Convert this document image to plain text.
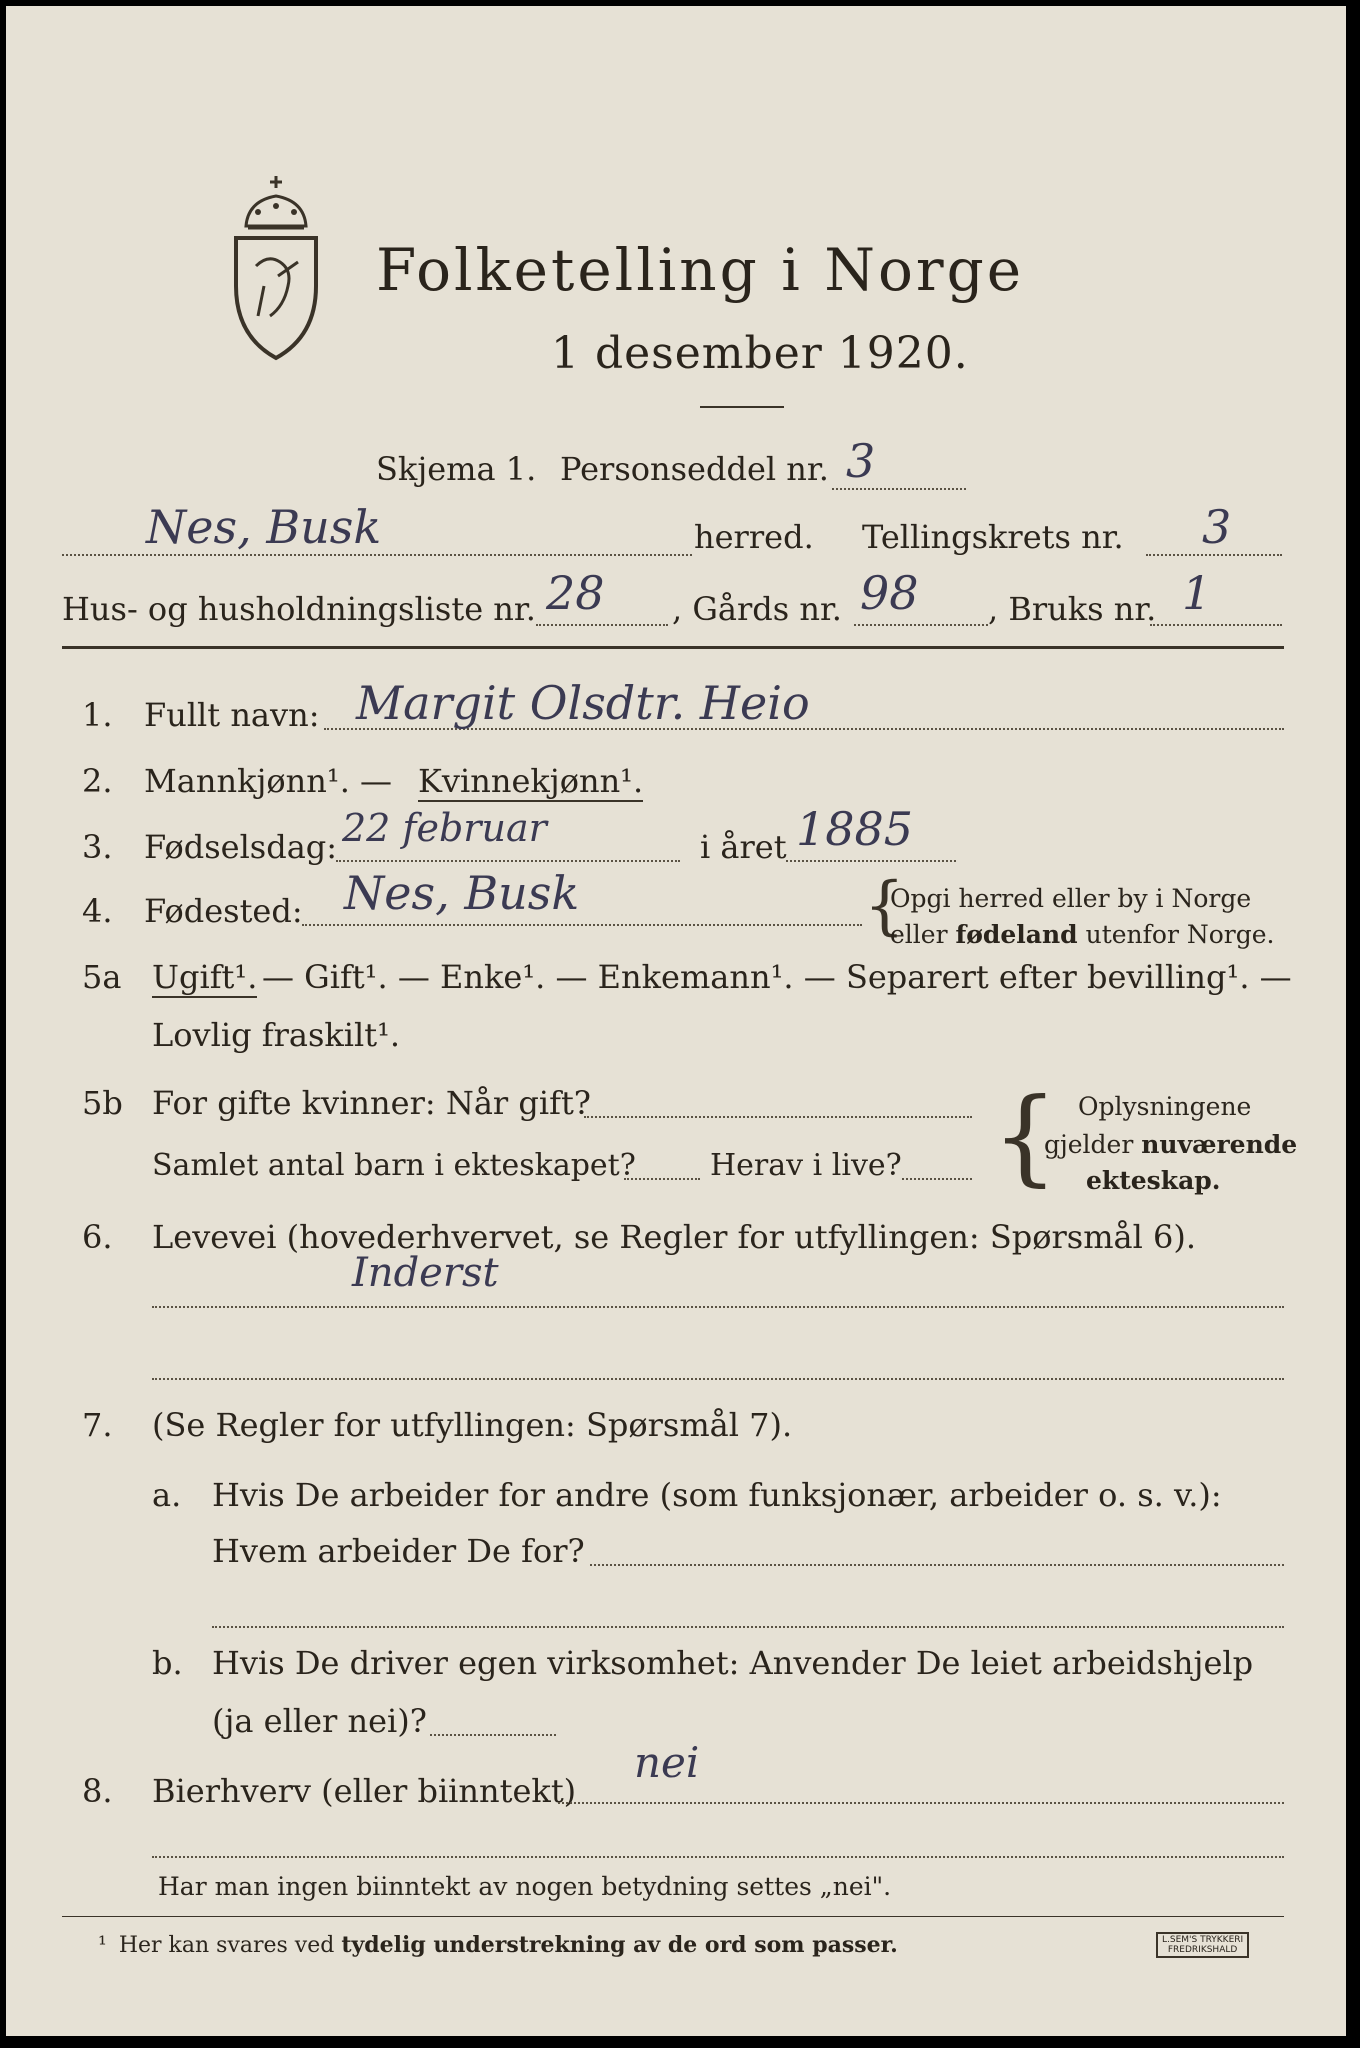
Folketelling i Norge
1 desember 1920.
Skjema 1. Personseddel nr. 3
Nes, Busk	herred. Tellingskrets nr. 3
Hus- og husholdningsliste nr. 28 , Gårds nr. 98 , Bruks nr. 1
1. Fullt navn: Margit Olsdtr. Heio
2. Mannkjønn¹. — Kvinnekjønn¹.
3. Fødselsdag: 22 februar	i året 1885
4. Fødested: Nes, Busk	{
Opgi herred eller by i Norge
eller fødeland utenfor Norge.
5a Ugift¹. — Gift¹. — Enke¹. — Enkemann¹. — Separert efter bevilling¹. —
Lovlig fraskilt¹.
5b For gifte kvinner: Når gift?
Samlet antal barn i ekteskapet? Herav i live? { Oplysningene
gjelder nuværende
ekteskap.
6. Levevei (hovederhvervet, se Regler for utfyllingen: Spørsmål 6).
Inderst
7. (Se Regler for utfyllingen: Spørsmål 7).
a. Hvis De arbeider for andre (som funksjonær, arbeider o. s. v.):
Hvem arbeider De for?
b. Hvis De driver egen virksomhet: Anvender De leiet arbeidshjelp
(ja eller nei)?
8. Bierhverv (eller biinntekt)
nei
Har man ingen biinntekt av nogen betydning settes „nei".
¹ Her kan svares ved tydelig understrekning av de ord som passer.	L.SEM'S TRYKKERI
FREDRIKSHALD
